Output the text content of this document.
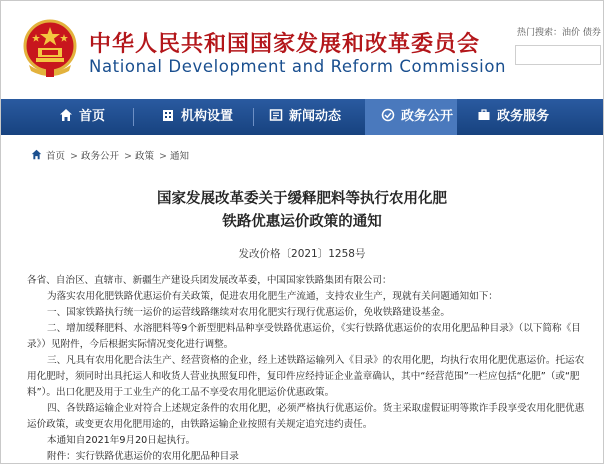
中华人民共和国国家发展和改革委员会
National Development and Reform Commission
热门搜索：油价 债券
首页	机构设置	新闻动态	政务公开	政务服务
首页 > 政务公开 > 政策 > 通知
国家发展改革委关于缓释肥料等执行农用化肥
铁路优惠运价政策的通知
发改价格〔2021〕1258号

各省、自治区、直辖市、新疆生产建设兵团发展改革委，中国国家铁路集团有限公司：

为落实农用化肥铁路优惠运价有关政策，促进农用化肥生产流通，支持农业生产，现就有关问题通知如下：

一、国家铁路执行统一运价的运营线路继续对农用化肥实行现行优惠运价，免收铁路建设基金。

二、增加缓释肥料、水溶肥料等9个新型肥料品种享受铁路优惠运价，《实行铁路优惠运价的农用化肥品种目录》（以下简称《目录》）见附件，今后根据实际情况变化进行调整。

三、凡具有农用化肥合法生产、经营资格的企业，经上述铁路运输列入《目录》的农用化肥，均执行农用化肥优惠运价。托运农用化肥时，须同时出具托运人和收货人营业执照复印件，复印件应经持证企业盖章确认，其中“经营范围”一栏应包括“化肥”（或“肥料”）。出口化肥及用于工业生产的化工品不享受农用化肥运价优惠政策。

四、各铁路运输企业对符合上述规定条件的农用化肥，必须严格执行优惠运价。货主采取虚假证明等欺诈手段享受农用化肥优惠运价政策，或变更农用化肥用途的，由铁路运输企业按照有关规定追究违约责任。

本通知自2021年9月20日起执行。

附件：实行铁路优惠运价的农用化肥品种目录
